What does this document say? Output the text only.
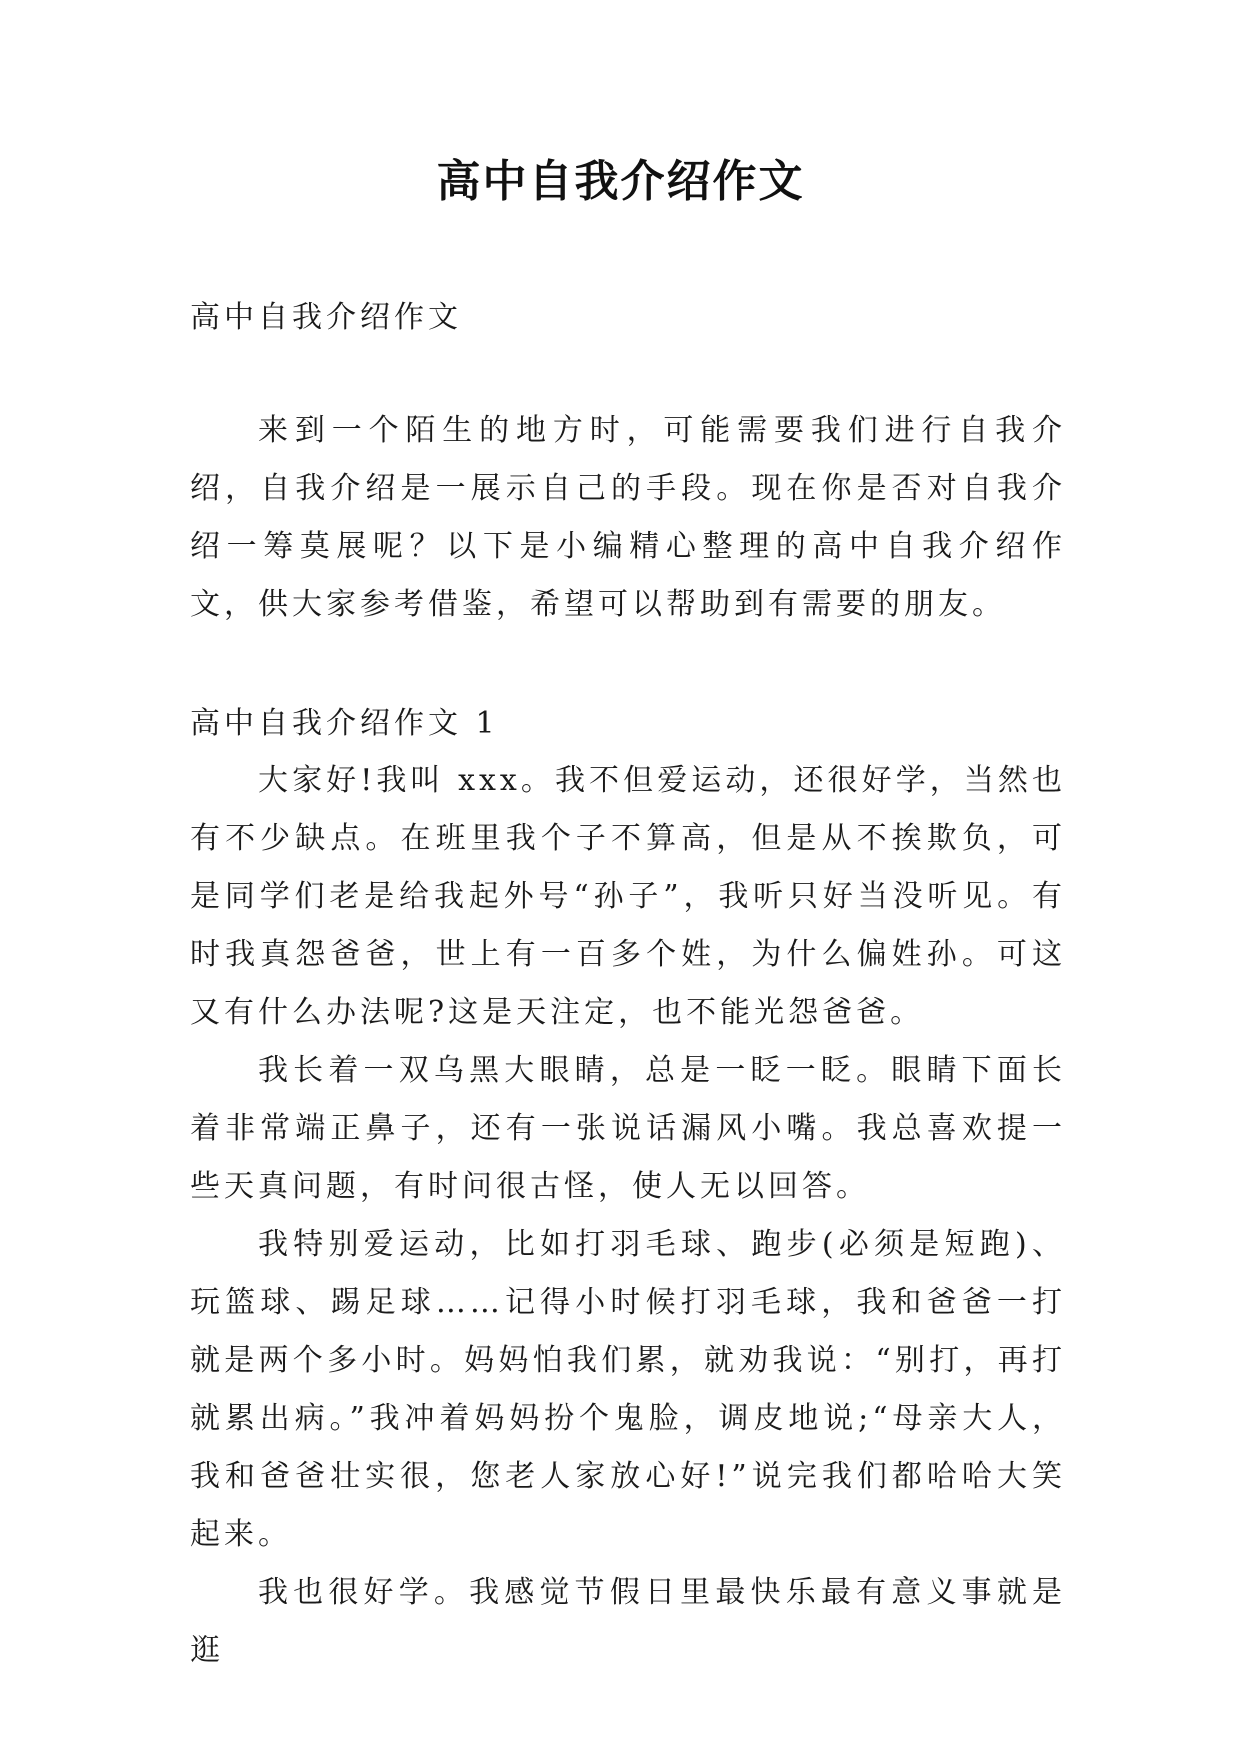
高中自我介绍作文
高中自我介绍作文

来到一个陌生的地方时，可能需要我们进行自我介绍，自我介绍是一展示自己的手段。现在你是否对自我介绍一筹莫展呢？以下是小编精心整理的高中自我介绍作文，供大家参考借鉴，希望可以帮助到有需要的朋友。

高中自我介绍作文 1

大家好!我叫 xxx。我不但爱运动，还很好学，当然也有不少缺点。在班里我个子不算高，但是从不挨欺负，可是同学们老是给我起外号“孙子”，我听只好当没听见。有时我真怨爸爸，世上有一百多个姓，为什么偏姓孙。可这又有什么办法呢?这是天注定，也不能光怨爸爸。

我长着一双乌黑大眼睛，总是一眨一眨。眼睛下面长着非常端正鼻子，还有一张说话漏风小嘴。我总喜欢提一些天真问题，有时问很古怪，使人无以回答。

我特别爱运动，比如打羽毛球、跑步(必须是短跑)、玩篮球、踢足球……记得小时候打羽毛球，我和爸爸一打就是两个多小时。妈妈怕我们累，就劝我说：“别打，再打就累出病。”我冲着妈妈扮个鬼脸，调皮地说;“母亲大人，我和爸爸壮实很，您老人家放心好!”说完我们都哈哈大笑起来。

我也很好学。我感觉节假日里最快乐最有意义事就是逛
